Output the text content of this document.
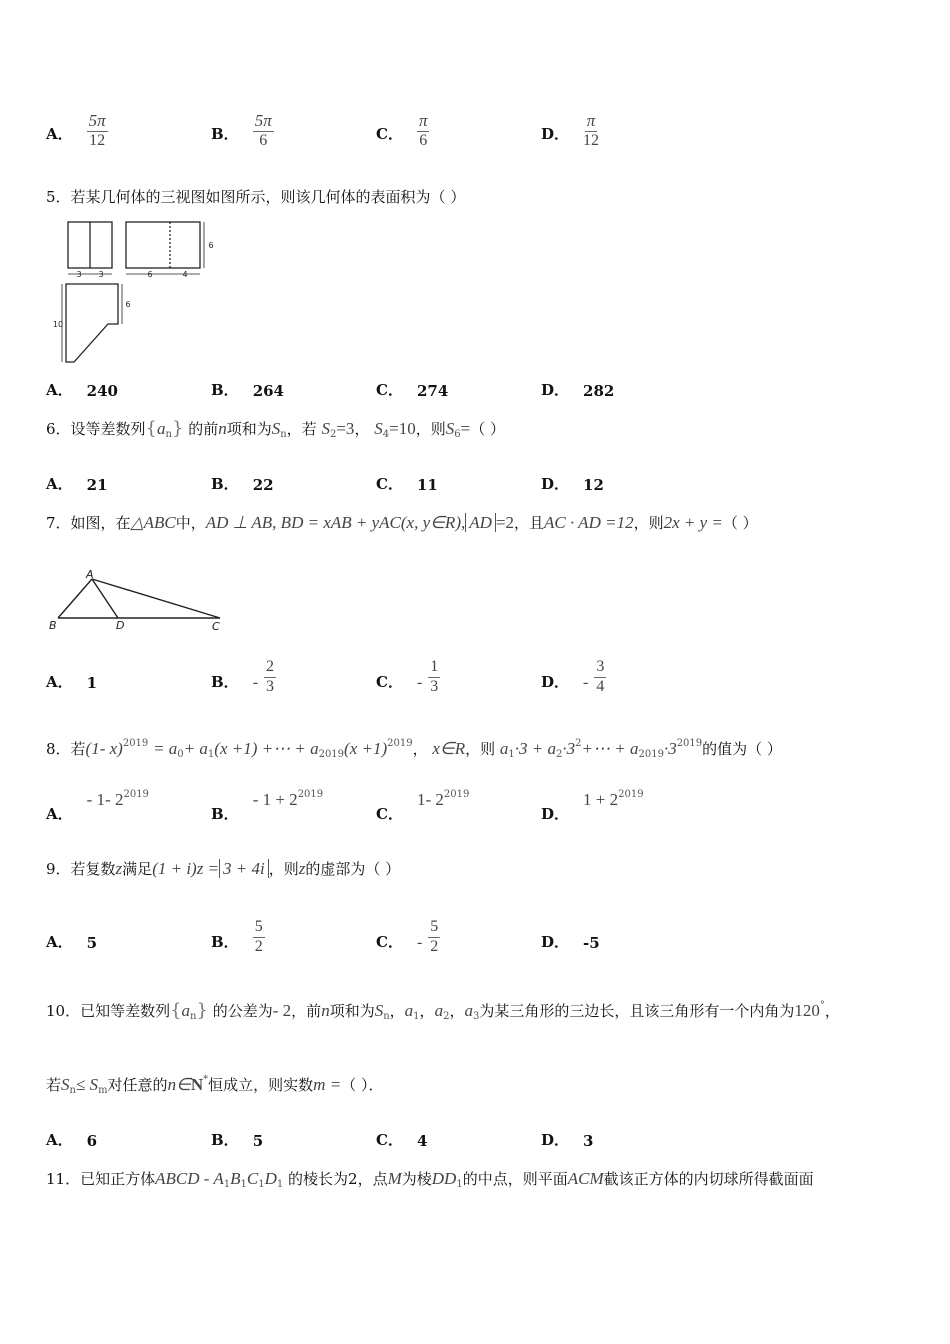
A． $\frac{5\pi}{12}$	B． $\frac{5\pi}{6}$	C． $\frac{\pi}{6}$	D． $\frac{\pi}{12}$
5．若某几何体的三视图如图所示，则该几何体的表面积为（ ）
3 3
6
6	4
10
6
A． 240	B． 264	C． 274	D． 282
6．设等差数列$\{a_n\}$ 的前n项和为$S_n$，若 $S_2=3$， $S_4=10$，则$S_6=$（ ）
A． 21	B． 22	C． 11	D． 12
7．如图，在△ABC中，AD ⊥ AB, BD = xAB + yAC(x, y∈R), AD =2，且AC · AD =12，则2x + y =（ ）
A
B	D	C
A． 1	B． - $\frac{2}{3}$	C． - $\frac{1}{3}$	D． - $\frac{3}{4}$
8．若(1- $x)^{2019} = a_0+ a_1(x +1)$ +⋯ + $a_{2019}(x +1)^{2019}$， x∈R，则 $a_1\cdot 3$ + $a_2\cdot 3^2+\cdots + a_{2019}\cdot 3^{2019}$的值为（ ）
A．
- 1- $2^{2019}$
B．
- $1 + 2^{2019}$
C．
1- $2^{2019}$
D．
$1 + 2^{2019}$
9．若复数z满足(1 + i)z = 3 + 4i ，则z的虚部为（ ）
A． 5	B． $\frac{5}{2}$	C． - $\frac{5}{2}$	D． -5
10．已知等差数列$\{a_n\}$ 的公差为- 2，前n项和为$S_n$，$a_1$，$a_2$，$a_3$为某三角形的三边长，且该三角形有一个内角为120°，
若$S_n\le S_m$对任意的n∈N*恒成立，则实数m =（ ）．
A． 6	B． 5	C． 4	D． 3
11．已知正方体ABCD - $A_1B_1C_1D_1$ 的棱长为2，点M为棱$DD_1$的中点，则平面ACM截该正方体的内切球所得截面面
